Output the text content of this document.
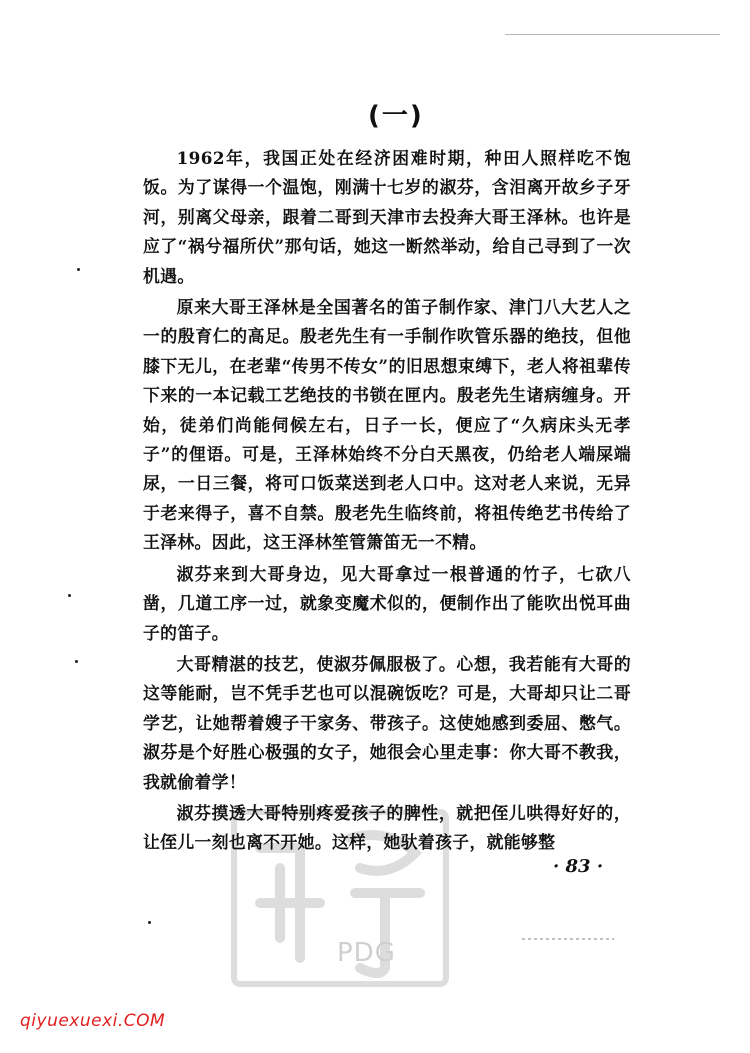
(一)

1962年，我国正处在经济困难时期，种田人照样吃不饱饭。为了谋得一个温饱，刚满十七岁的淑芬，含泪离开故乡子牙河，别离父母亲，跟着二哥到天津市去投奔大哥王泽林。也许是应了“祸兮福所伏”那句话，她这一断然举动，给自己寻到了一次机遇。

原来大哥王泽林是全国著名的笛子制作家、津门八大艺人之一的殷育仁的高足。殷老先生有一手制作吹管乐器的绝技，但他膝下无儿，在老辈“传男不传女”的旧思想束缚下，老人将祖辈传下来的一本记载工艺绝技的书锁在匣内。殷老先生诸病缠身。开始，徒弟们尚能伺候左右，日子一长，便应了“久病床头无孝子”的俚语。可是，王泽林始终不分白天黑夜，仍给老人端屎端尿，一日三餐，将可口饭菜送到老人口中。这对老人来说，无异于老来得子，喜不自禁。殷老先生临终前，将祖传绝艺书传给了王泽林。因此，这王泽林笙管箫笛无一不精。

淑芬来到大哥身边，见大哥拿过一根普通的竹子，七砍八凿，几道工序一过，就象变魔术似的，便制作出了能吹出悦耳曲子的笛子。

大哥精湛的技艺，使淑芬佩服极了。心想，我若能有大哥的这等能耐，岂不凭手艺也可以混碗饭吃？可是，大哥却只让二哥学艺，让她帮着嫂子干家务、带孩子。这使她感到委屈、憋气。淑芬是个好胜心极强的女子，她很会心里走事：你大哥不教我，我就偷着学！

淑芬摸透大哥特别疼爱孩子的脾性，就把侄儿哄得好好的，让侄儿一刻也离不开她。这样，她驮着孩子，就能够整

· 83 ·
PDG
qiyuexuexi.COM
